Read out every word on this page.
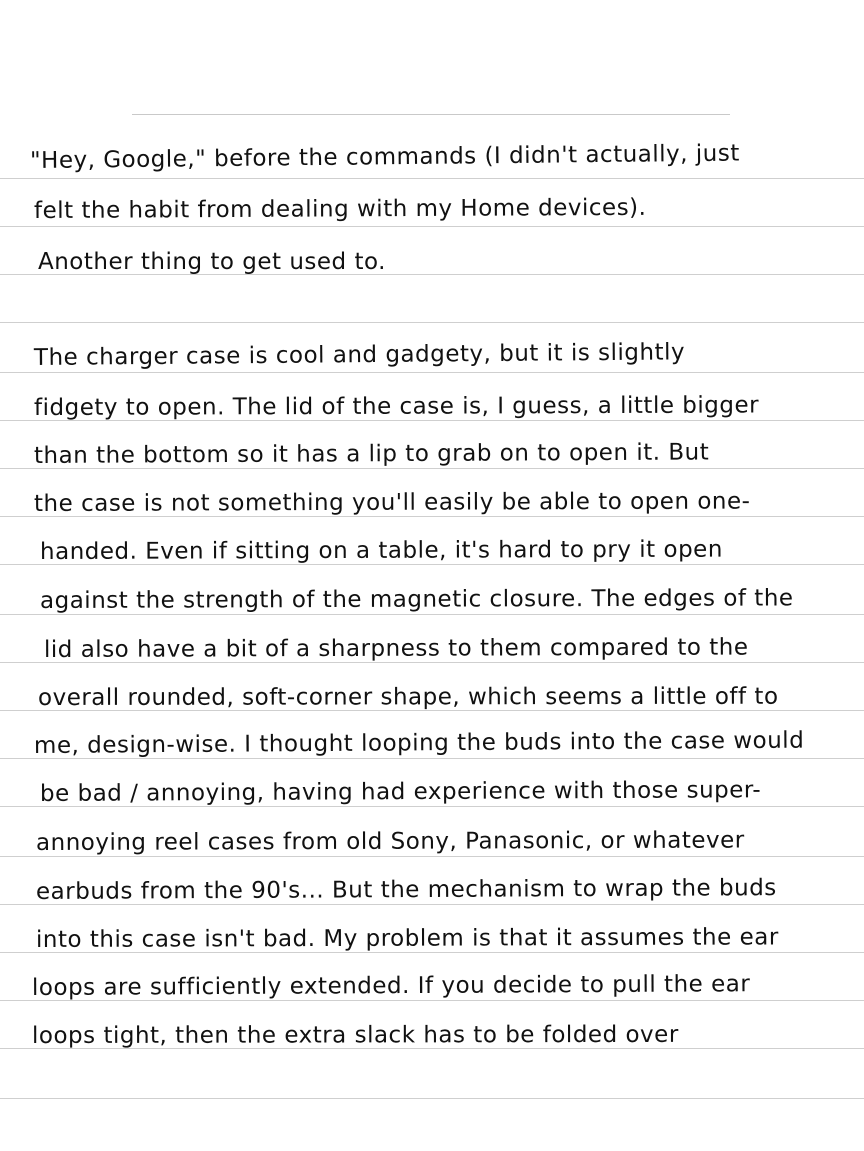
"Hey, Google," before the commands (I didn't actually, just
felt the habit from dealing with my Home devices).
Another thing to get used to.
The charger case is cool and gadgety, but it is slightly
fidgety to open. The lid of the case is, I guess, a little bigger
than the bottom so it has a lip to grab on to open it. But
the case is not something you'll easily be able to open one-
handed. Even if sitting on a table, it's hard to pry it open
against the strength of the magnetic closure. The edges of the
lid also have a bit of a sharpness to them compared to the
overall rounded, soft-corner shape, which seems a little off to
me, design-wise. I thought looping the buds into the case would
be bad / annoying, having had experience with those super-
annoying reel cases from old Sony, Panasonic, or whatever
earbuds from the 90's... But the mechanism to wrap the buds
into this case isn't bad. My problem is that it assumes the ear
loops are sufficiently extended. If you decide to pull the ear
loops tight, then the extra slack has to be folded over
